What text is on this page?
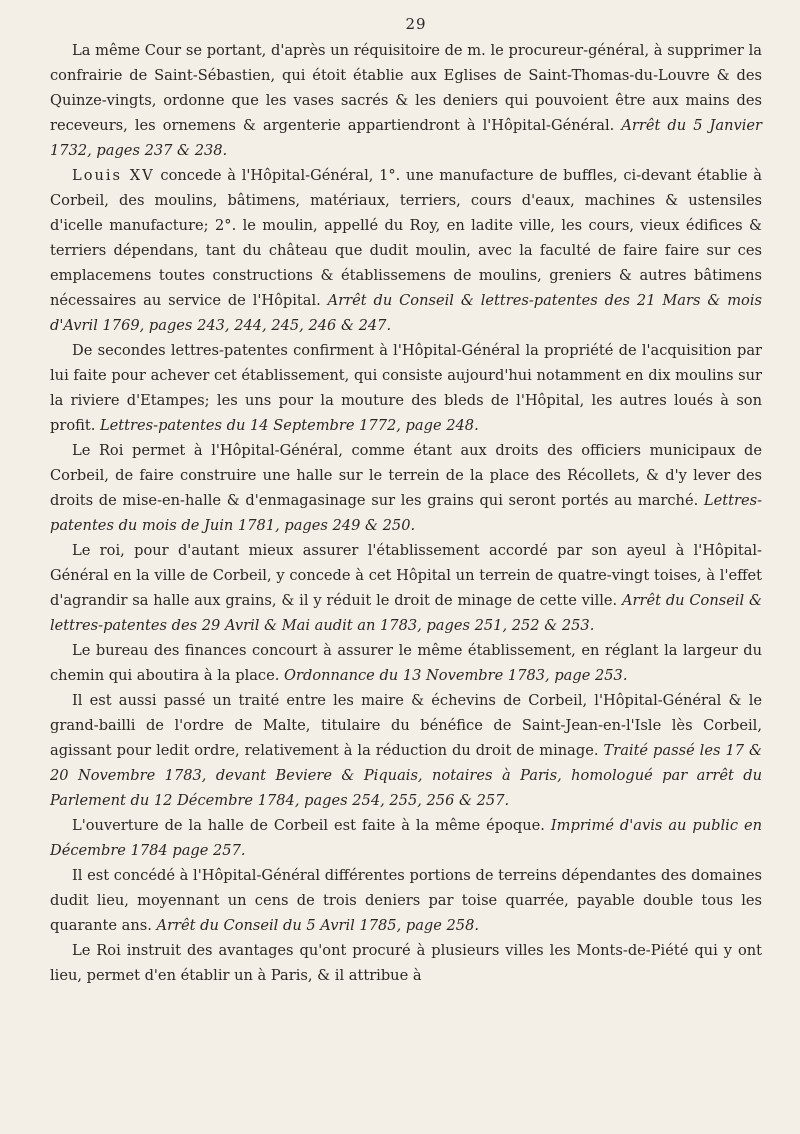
29

La même Cour se portant, d'après un réquisitoire de m. le procureur-général, à supprimer la confrairie de Saint-Sébastien, qui étoit établie aux Eglises de Saint-Thomas-du-Louvre & des Quinze-vingts, ordonne que les vases sacrés & les deniers qui pouvoient être aux mains des receveurs, les ornemens & argenterie appartiendront à l'Hôpital-Général. Arrêt du 5 Janvier 1732, pages 237 & 238.

Louis XV concede à l'Hôpital-Général, 1°. une manufacture de buffles, ci-devant établie à Corbeil, des moulins, bâtimens, matériaux, terriers, cours d'eaux, machines & ustensiles d'icelle manufacture; 2°. le moulin, appellé du Roy, en ladite ville, les cours, vieux édifices & terriers dépendans, tant du château que dudit moulin, avec la faculté de faire faire sur ces emplacemens toutes constructions & établissemens de moulins, greniers & autres bâtimens nécessaires au service de l'Hôpital. Arrêt du Conseil & lettres-patentes des 21 Mars & mois d'Avril 1769, pages 243, 244, 245, 246 & 247.

De secondes lettres-patentes confirment à l'Hôpital-Général la propriété de l'acquisition par lui faite pour achever cet établissement, qui consiste aujourd'hui notamment en dix moulins sur la riviere d'Etampes; les uns pour la mouture des bleds de l'Hôpital, les autres loués à son profit. Lettres-patentes du 14 Septembre 1772, page 248.

Le Roi permet à l'Hôpital-Général, comme étant aux droits des officiers municipaux de Corbeil, de faire construire une halle sur le terrein de la place des Récollets, & d'y lever des droits de mise-en-halle & d'enmagasinage sur les grains qui seront portés au marché. Lettres-patentes du mois de Juin 1781, pages 249 & 250.

Le roi, pour d'autant mieux assurer l'établissement accordé par son ayeul à l'Hôpital-Général en la ville de Corbeil, y concede à cet Hôpital un terrein de quatre-vingt toises, à l'effet d'agrandir sa halle aux grains, & il y réduit le droit de minage de cette ville. Arrêt du Conseil & lettres-patentes des 29 Avril & Mai audit an 1783, pages 251, 252 & 253.

Le bureau des finances concourt à assurer le même établissement, en réglant la largeur du chemin qui aboutira à la place. Ordonnance du 13 Novembre 1783, page 253.

Il est aussi passé un traité entre les maire & échevins de Corbeil, l'Hôpital-Général & le grand-bailli de l'ordre de Malte, titulaire du bénéfice de Saint-Jean-en-l'Isle lès Corbeil, agissant pour ledit ordre, relativement à la réduction du droit de minage. Traité passé les 17 & 20 Novembre 1783, devant Beviere & Piquais, notaires à Paris, homologué par arrêt du Parlement du 12 Décembre 1784, pages 254, 255, 256 & 257.

L'ouverture de la halle de Corbeil est faite à la même époque. Imprimé d'avis au public en Décembre 1784 page 257.

Il est concédé à l'Hôpital-Général différentes portions de terreins dépendantes des domaines dudit lieu, moyennant un cens de trois deniers par toise quarrée, payable double tous les quarante ans. Arrêt du Conseil du 5 Avril 1785, page 258.

Le Roi instruit des avantages qu'ont procuré à plusieurs villes les Monts-de-Piété qui y ont lieu, permet d'en établir un à Paris, & il attribue à
